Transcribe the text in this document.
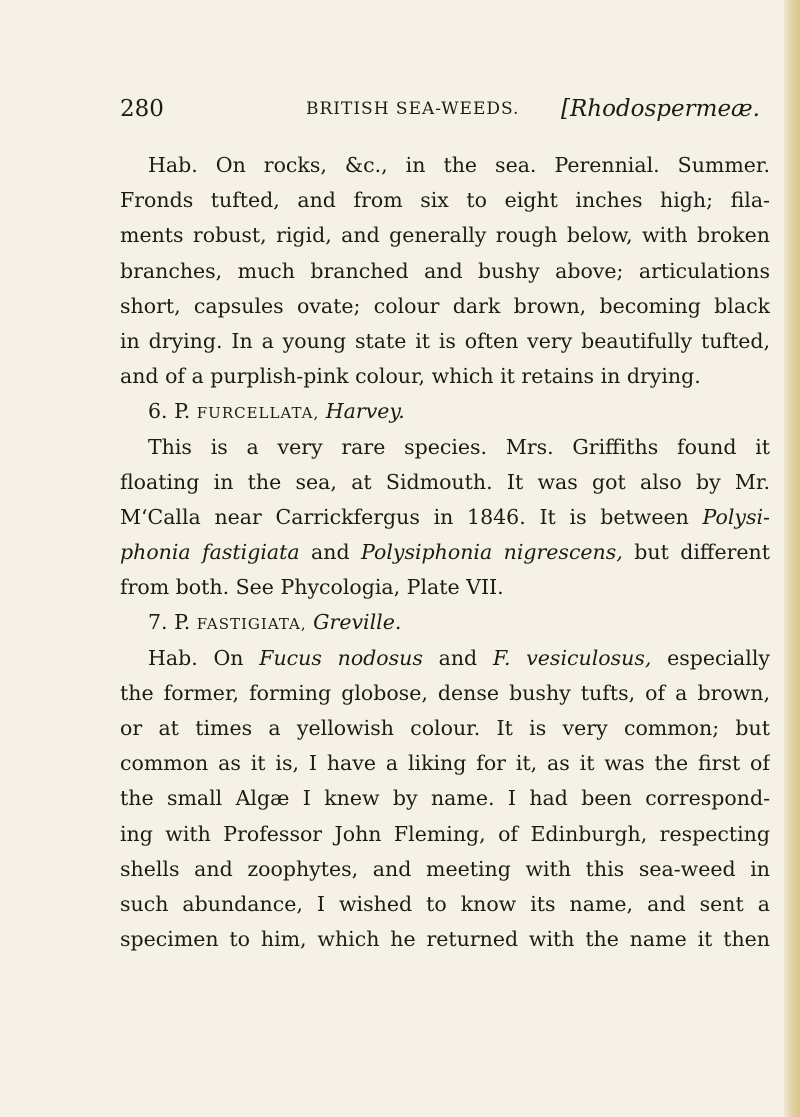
280	BRITISH SEA-WEEDS. [Rhodospermeæ.
Hab. On rocks, &c., in the sea. Perennial. Summer.
Fronds tufted, and from six to eight inches high; fila-
ments robust, rigid, and generally rough below, with broken
branches, much branched and bushy above; articulations
short, capsules ovate; colour dark brown, becoming black
in drying. In a young state it is often very beautifully tufted,
and of a purplish-pink colour, which it retains in drying.
6. P. FURCELLATA, Harvey.
This is a very rare species. Mrs. Griffiths found it
floating in the sea, at Sidmouth. It was got also by Mr.
M‘Calla near Carrickfergus in 1846. It is between Polysi-
phonia fastigiata and Polysiphonia nigrescens, but different
from both. See Phycologia, Plate VII.
7. P. FASTIGIATA, Greville.
Hab. On Fucus nodosus and F. vesiculosus, especially
the former, forming globose, dense bushy tufts, of a brown,
or at times a yellowish colour. It is very common; but
common as it is, I have a liking for it, as it was the first of
the small Algæ I knew by name. I had been correspond-
ing with Professor John Fleming, of Edinburgh, respecting
shells and zoophytes, and meeting with this sea-weed in
such abundance, I wished to know its name, and sent a
specimen to him, which he returned with the name it then
